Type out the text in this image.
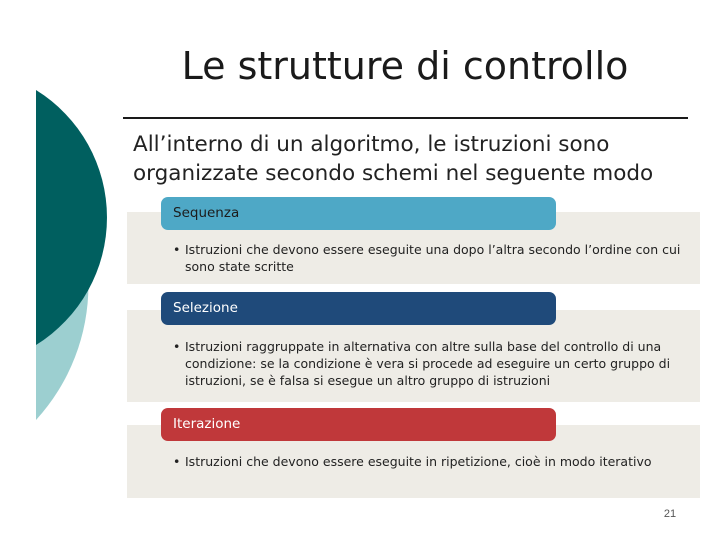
Le strutture di controllo
All’interno di un algoritmo, le istruzioni sono organizzate secondo schemi nel seguente modo
Sequenza
• Istruzioni che devono essere eseguite una dopo l’altra secondo l’ordine con cui sono state scritte
Selezione
• Istruzioni raggruppate in alternativa con altre sulla base del controllo di una condizione: se la condizione è vera si procede ad eseguire un certo gruppo di istruzioni, se è falsa si esegue un altro gruppo di istruzioni
Iterazione
• Istruzioni che devono essere eseguite in ripetizione, cioè in modo iterativo
21
